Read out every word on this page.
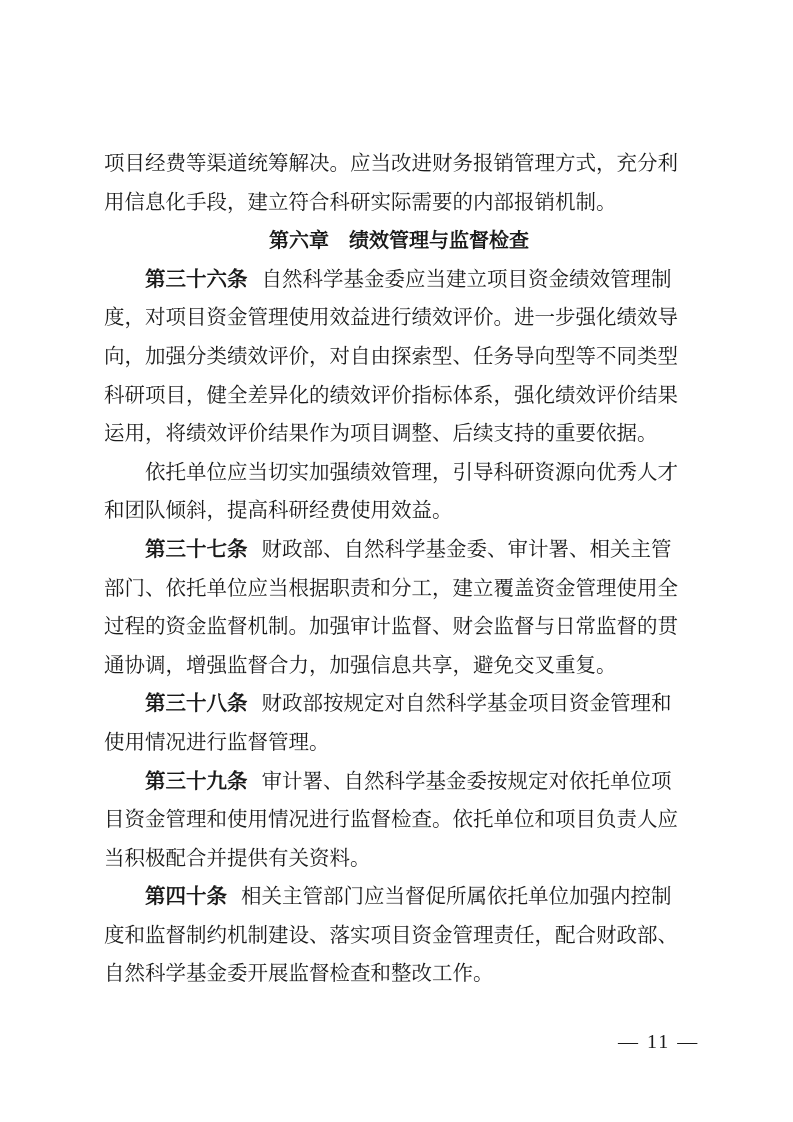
项目经费等渠道统筹解决。应当改进财务报销管理方式，充分利
用信息化手段，建立符合科研实际需要的内部报销机制。
第六章　绩效管理与监督检查
　　第三十六条 自然科学基金委应当建立项目资金绩效管理制
度，对项目资金管理使用效益进行绩效评价。进一步强化绩效导
向，加强分类绩效评价，对自由探索型、任务导向型等不同类型
科研项目，健全差异化的绩效评价指标体系，强化绩效评价结果
运用，将绩效评价结果作为项目调整、后续支持的重要依据。
　　依托单位应当切实加强绩效管理，引导科研资源向优秀人才
和团队倾斜，提高科研经费使用效益。
　　第三十七条 财政部、自然科学基金委、审计署、相关主管
部门、依托单位应当根据职责和分工，建立覆盖资金管理使用全
过程的资金监督机制。加强审计监督、财会监督与日常监督的贯
通协调，增强监督合力，加强信息共享，避免交叉重复。
　　第三十八条 财政部按规定对自然科学基金项目资金管理和
使用情况进行监督管理。
　　第三十九条 审计署、自然科学基金委按规定对依托单位项
目资金管理和使用情况进行监督检查。依托单位和项目负责人应
当积极配合并提供有关资料。
　　第四十条 相关主管部门应当督促所属依托单位加强内控制
度和监督制约机制建设、落实项目资金管理责任，配合财政部、
自然科学基金委开展监督检查和整改工作。
— 11 —
